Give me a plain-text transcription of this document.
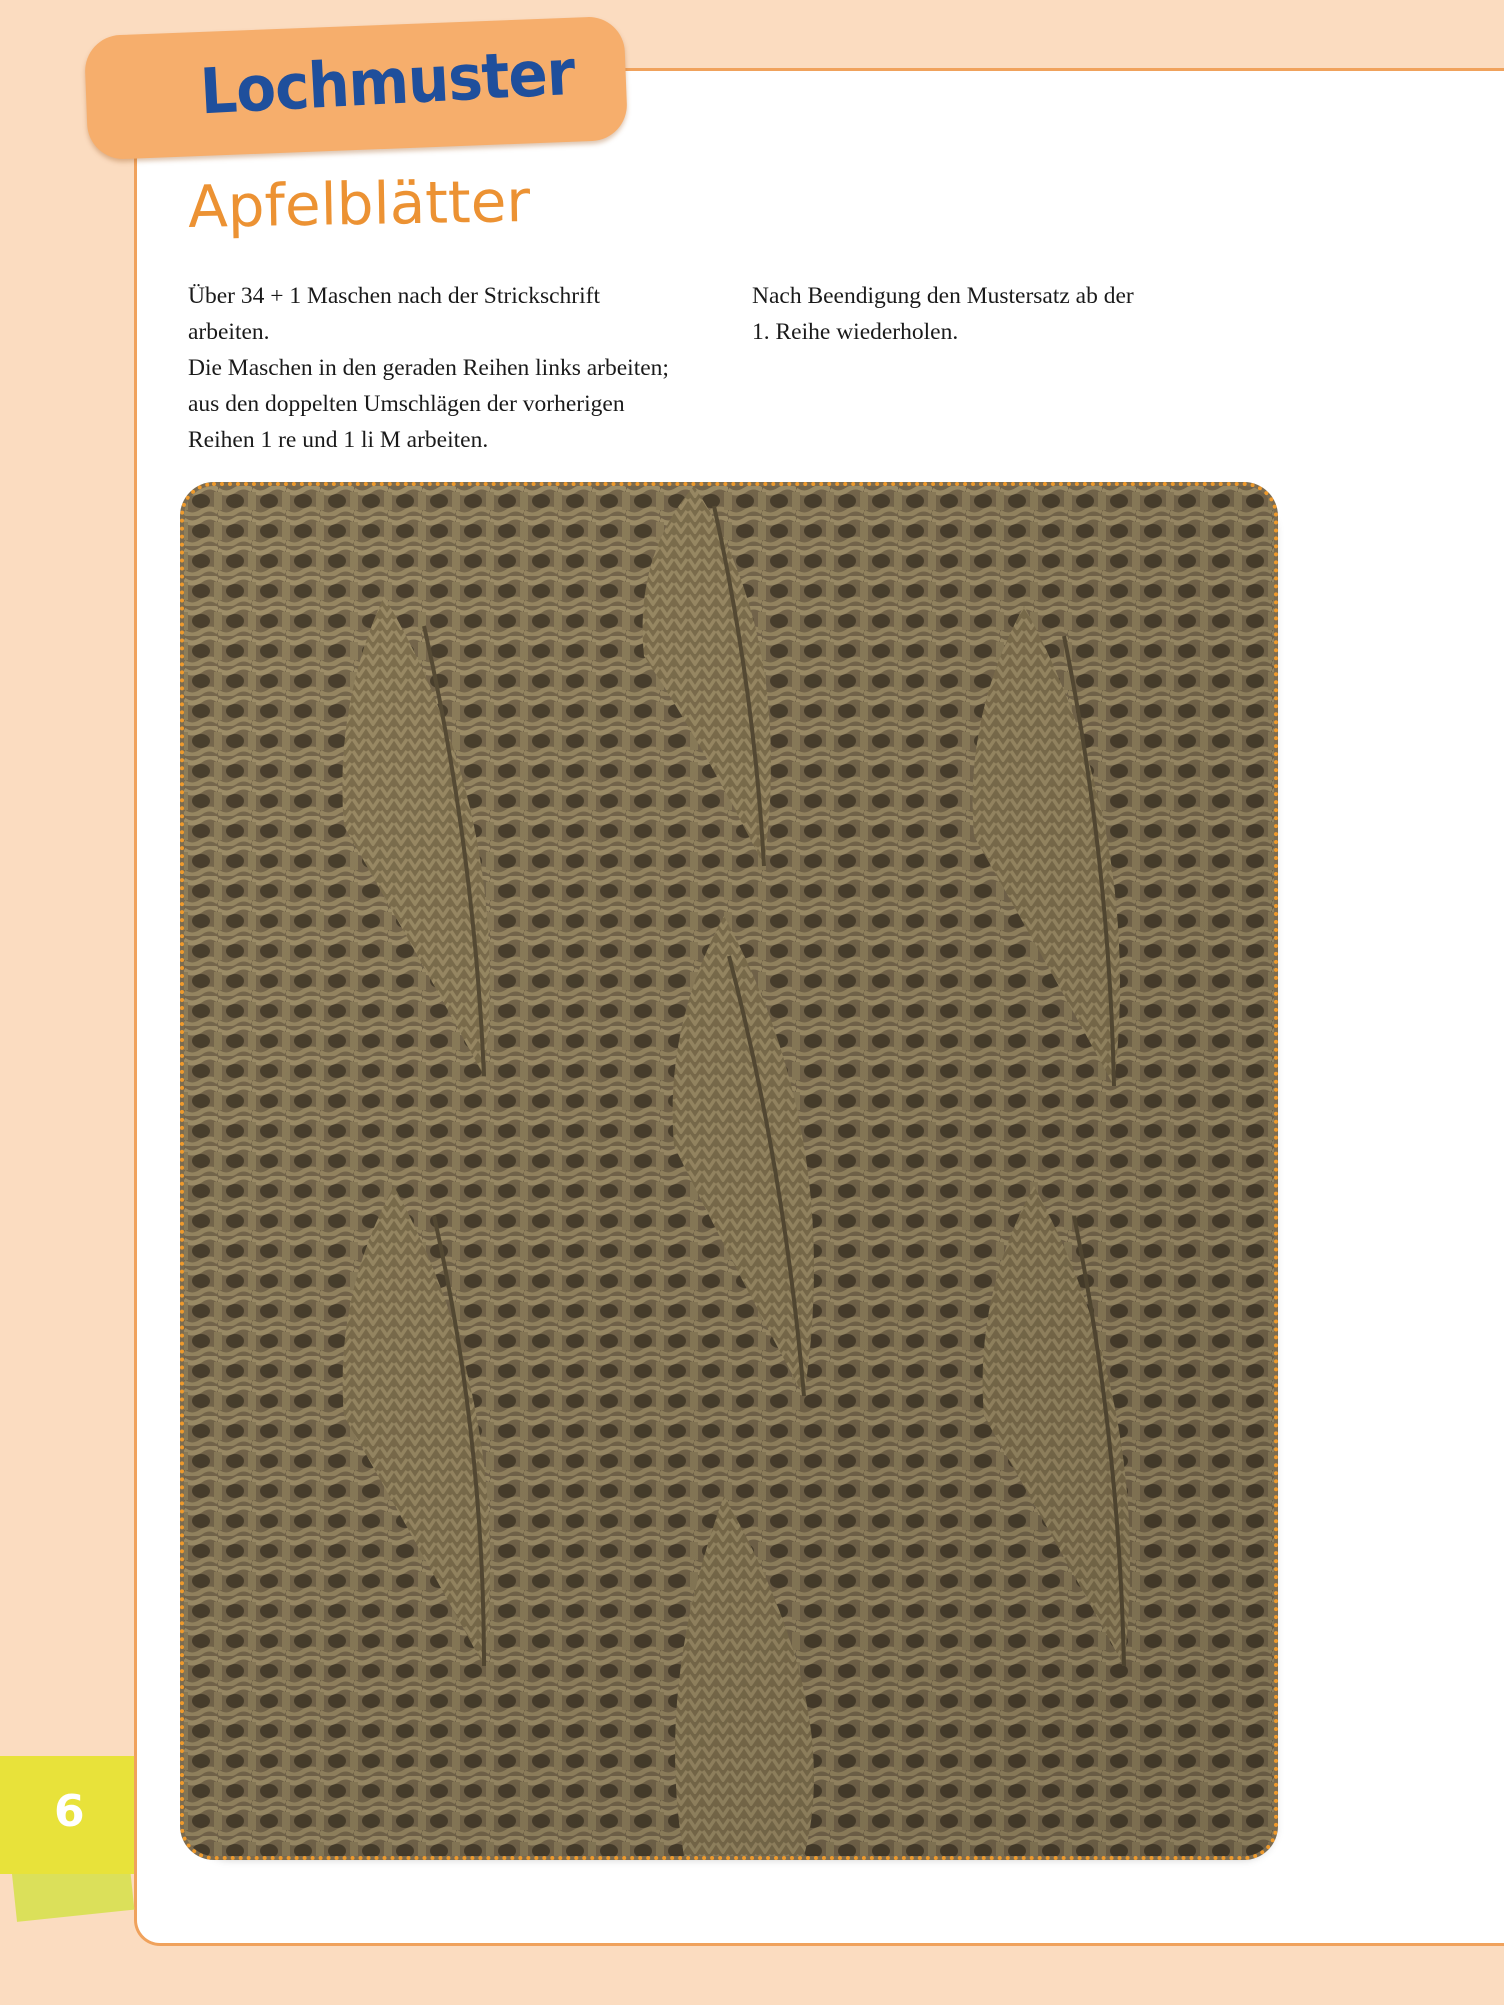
Lochmuster
Apfelblätter

Über 34 + 1 Maschen nach der Strickschrift
arbeiten.
Die Maschen in den geraden Reihen links arbeiten;
aus den doppelten Umschlägen der vorherigen
Reihen 1 re und 1 li M arbeiten.

Nach Beendigung den Mustersatz ab der
1. Reihe wiederholen.

6
